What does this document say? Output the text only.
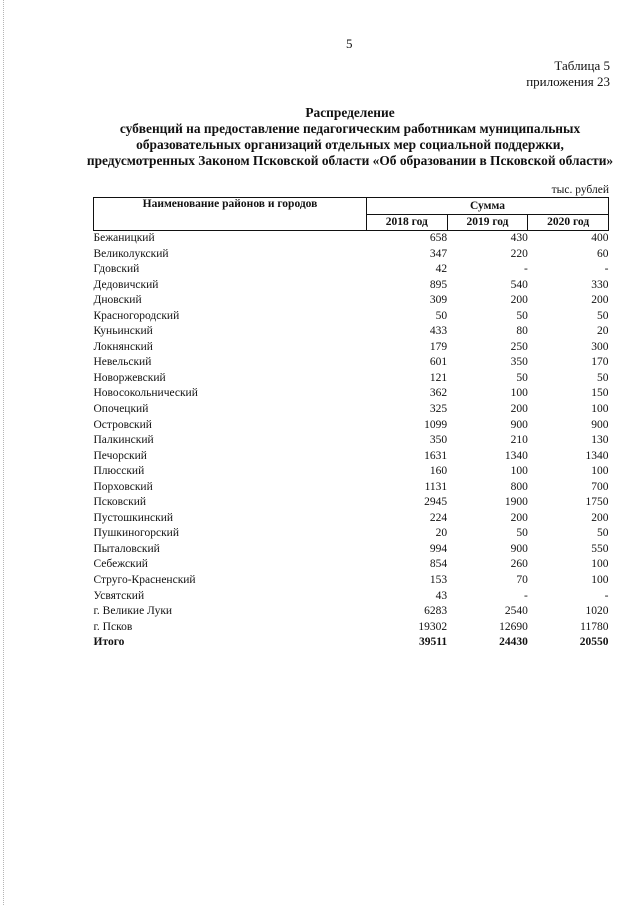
5
Таблица 5
приложения 23
Распределение
субвенций на предоставление педагогическим работникам муниципальных
образовательных организаций отдельных мер социальной поддержки,
предусмотренных Законом Псковской области «Об образовании в Псковской области»
тыс. рублей
Наименование районов и городов	Сумма		
	2018 год	2019 год	2020 год
Бежаницкий	658	430	400
Великолукский	347	220	60
Гдовский	42	-	-
Дедовичский	895	540	330
Дновский	309	200	200
Красногородский	50	50	50
Куньинский	433	80	20
Локнянский	179	250	300
Невельский	601	350	170
Новоржевский	121	50	50
Новосокольнический	362	100	150
Опочецкий	325	200	100
Островский	1099	900	900
Палкинский	350	210	130
Печорский	1631	1340	1340
Плюсский	160	100	100
Порховский	1131	800	700
Псковский	2945	1900	1750
Пустошкинский	224	200	200
Пушкиногорский	20	50	50
Пыталовский	994	900	550
Себежский	854	260	100
Струго-Красненский	153	70	100
Усвятский	43	-	-
г. Великие Луки	6283	2540	1020
г. Псков	19302	12690	11780
Итого	39511	24430	20550
